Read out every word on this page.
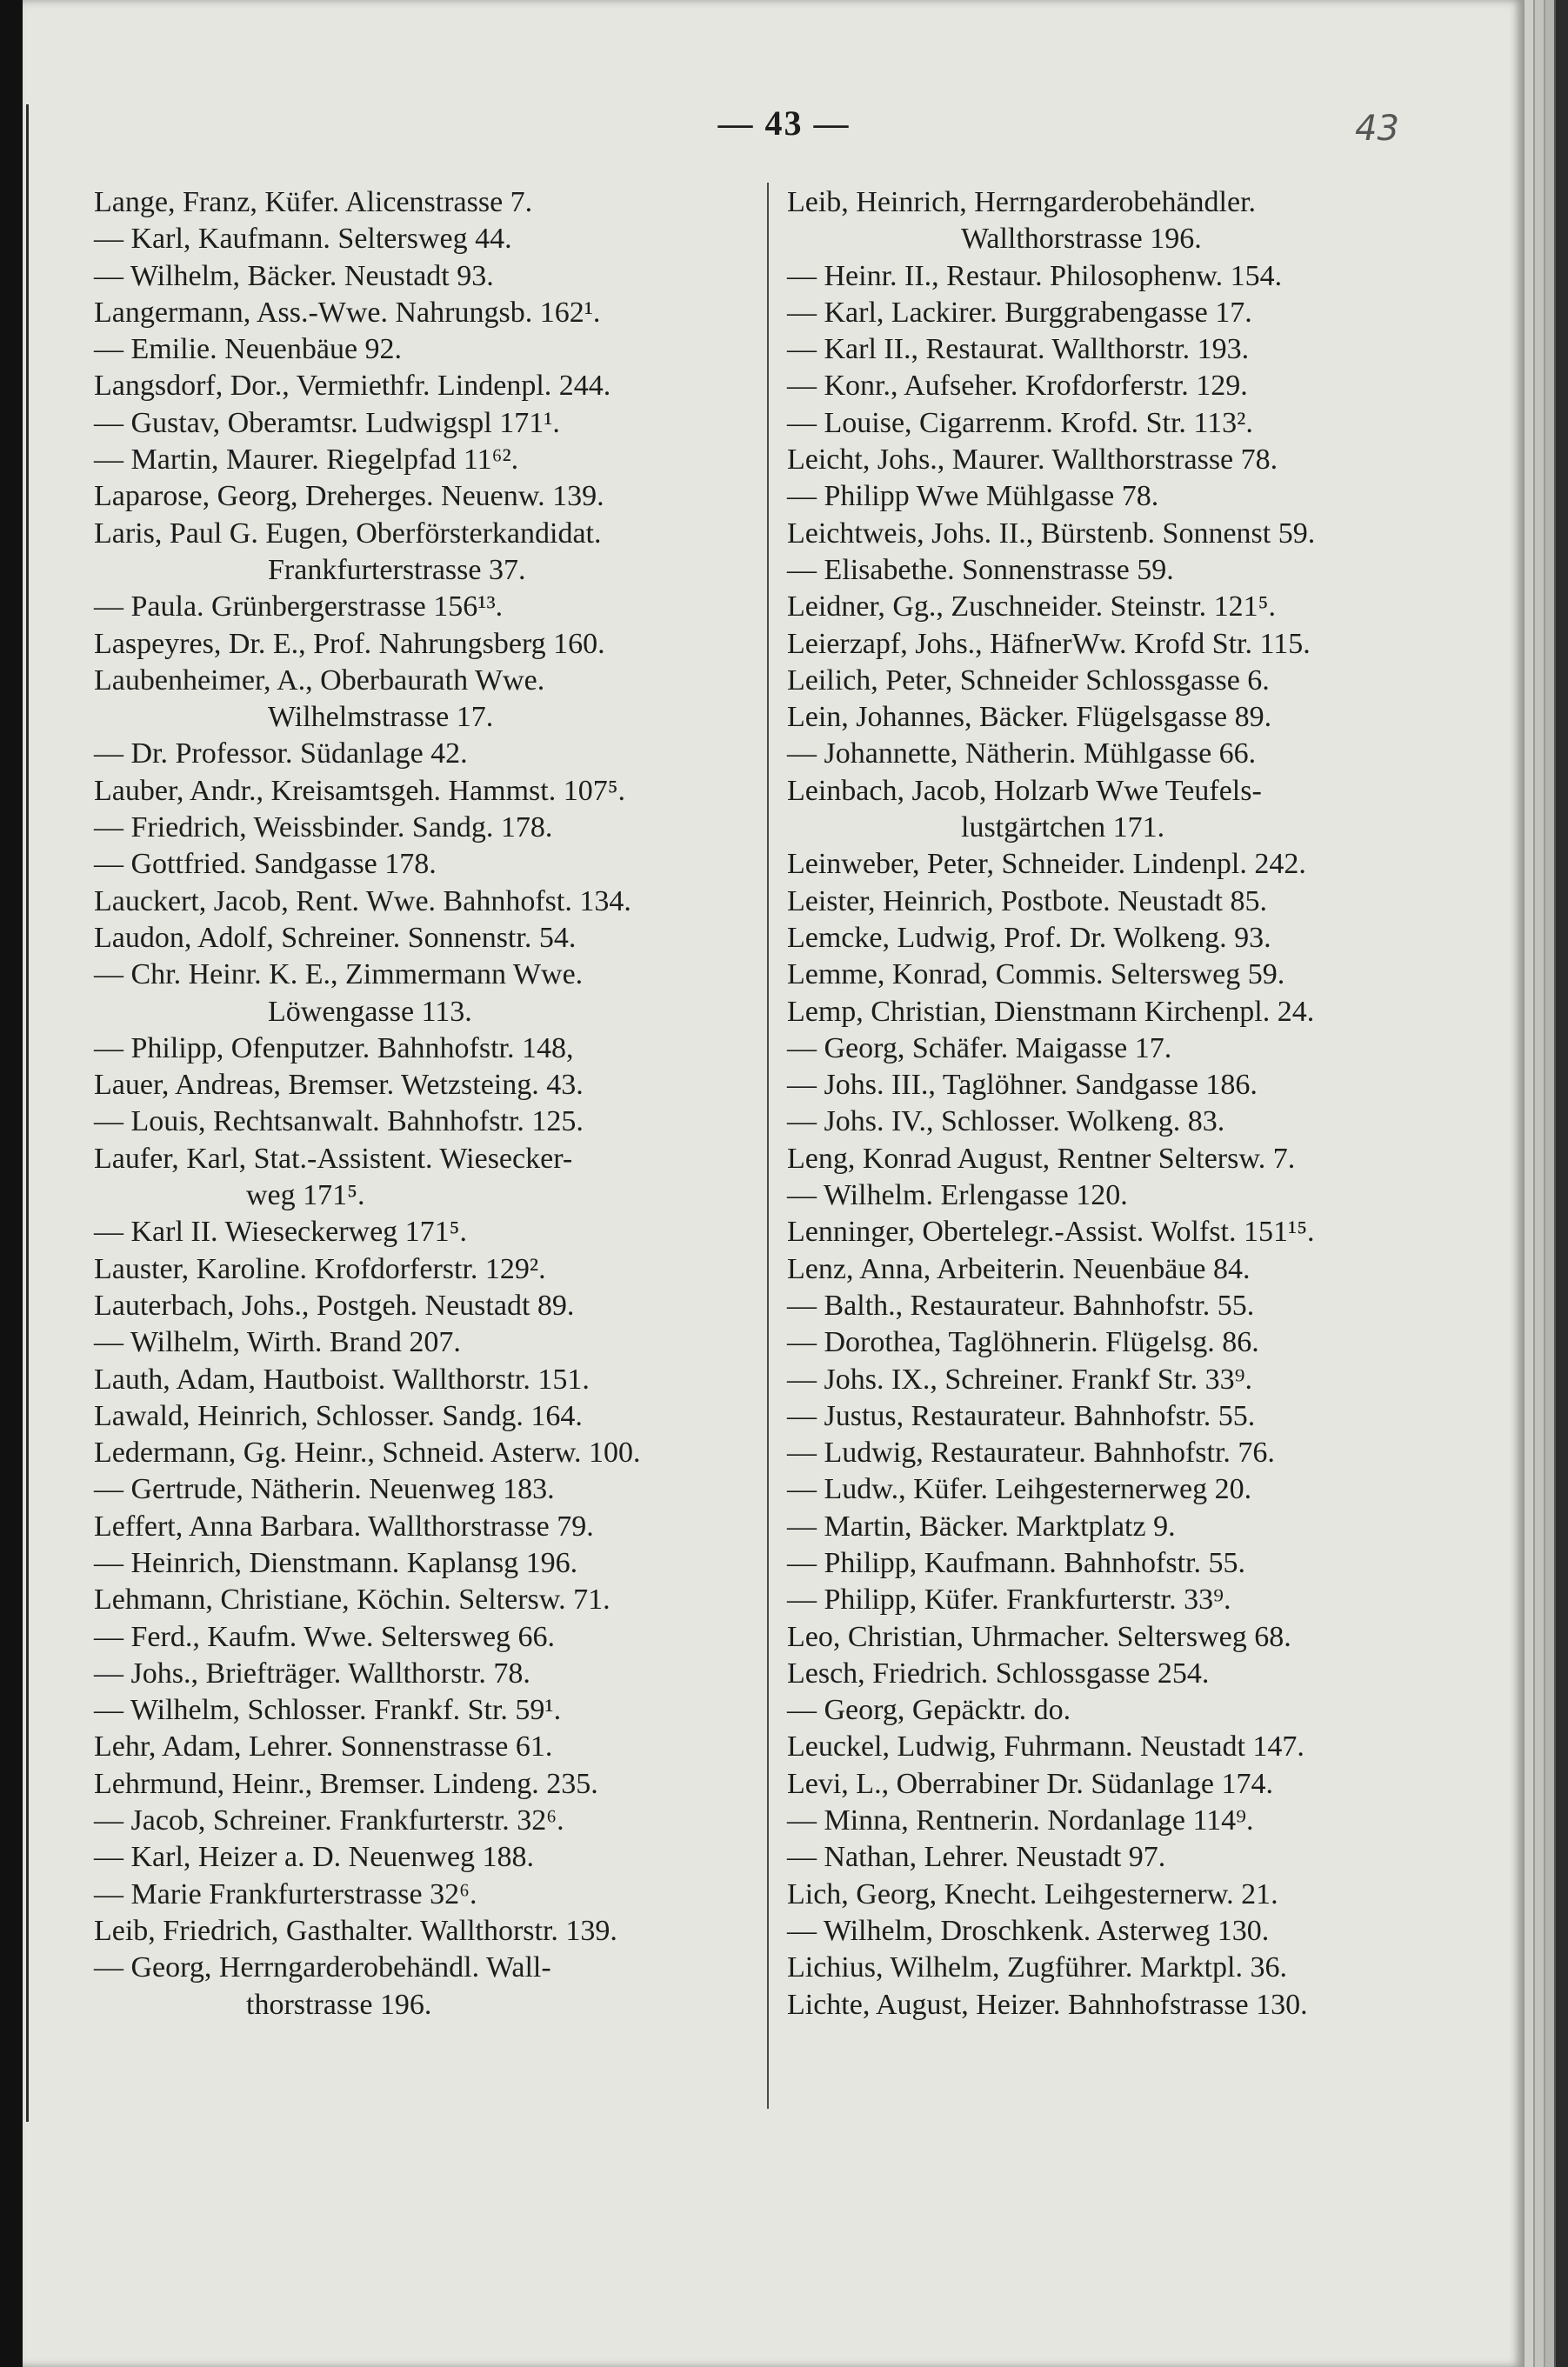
— 43 —	43
Lange, Franz, Küfer. Alicenstrasse 7.
— Karl, Kaufmann. Seltersweg 44.
— Wilhelm, Bäcker. Neustadt 93.
Langermann, Ass.-Wwe. Nahrungsb. 162¹.
— Emilie. Neuenbäue 92.
Langsdorf, Dor., Vermiethfr. Lindenpl. 244.
— Gustav, Oberamtsr. Ludwigspl 171¹.
— Martin, Maurer. Riegelpfad 11⁶².
Laparose, Georg, Dreherges. Neuenw. 139.
Laris, Paul G. Eugen, Oberförsterkandidat.
Frankfurterstrasse 37.
— Paula. Grünbergerstrasse 156¹³.
Laspeyres, Dr. E., Prof. Nahrungsberg 160.
Laubenheimer, A., Oberbaurath Wwe.
Wilhelmstrasse 17.
— Dr. Professor. Südanlage 42.
Lauber, Andr., Kreisamtsgeh. Hammst. 107⁵.
— Friedrich, Weissbinder. Sandg. 178.
— Gottfried. Sandgasse 178.
Lauckert, Jacob, Rent. Wwe. Bahnhofst. 134.
Laudon, Adolf, Schreiner. Sonnenstr. 54.
— Chr. Heinr. K. E., Zimmermann Wwe.
Löwengasse 113.
— Philipp, Ofenputzer. Bahnhofstr. 148,
Lauer, Andreas, Bremser. Wetzsteing. 43.
— Louis, Rechtsanwalt. Bahnhofstr. 125.
Laufer, Karl, Stat.-Assistent. Wiesecker-
weg 171⁵.
— Karl II. Wieseckerweg 171⁵.
Lauster, Karoline. Krofdorferstr. 129².
Lauterbach, Johs., Postgeh. Neustadt 89.
— Wilhelm, Wirth. Brand 207.
Lauth, Adam, Hautboist. Wallthorstr. 151.
Lawald, Heinrich, Schlosser. Sandg. 164.
Ledermann, Gg. Heinr., Schneid. Asterw. 100.
— Gertrude, Nätherin. Neuenweg 183.
Leffert, Anna Barbara. Wallthorstrasse 79.
— Heinrich, Dienstmann. Kaplansg 196.
Lehmann, Christiane, Köchin. Seltersw. 71.
— Ferd., Kaufm. Wwe. Seltersweg 66.
— Johs., Briefträger. Wallthorstr. 78.
— Wilhelm, Schlosser. Frankf. Str. 59¹.
Lehr, Adam, Lehrer. Sonnenstrasse 61.
Lehrmund, Heinr., Bremser. Lindeng. 235.
— Jacob, Schreiner. Frankfurterstr. 32⁶.
— Karl, Heizer a. D. Neuenweg 188.
— Marie Frankfurterstrasse 32⁶.
Leib, Friedrich, Gasthalter. Wallthorstr. 139.
— Georg, Herrngarderobehändl. Wall-
thorstrasse 196.
Leib, Heinrich, Herrngarderobehändler.
Wallthorstrasse 196.
— Heinr. II., Restaur. Philosophenw. 154.
— Karl, Lackirer. Burggrabengasse 17.
— Karl II., Restaurat. Wallthorstr. 193.
— Konr., Aufseher. Krofdorferstr. 129.
— Louise, Cigarrenm. Krofd. Str. 113².
Leicht, Johs., Maurer. Wallthorstrasse 78.
— Philipp Wwe Mühlgasse 78.
Leichtweis, Johs. II., Bürstenb. Sonnenst 59.
— Elisabethe. Sonnenstrasse 59.
Leidner, Gg., Zuschneider. Steinstr. 121⁵.
Leierzapf, Johs., HäfnerWw. Krofd Str. 115.
Leilich, Peter, Schneider Schlossgasse 6.
Lein, Johannes, Bäcker. Flügelsgasse 89.
— Johannette, Nätherin. Mühlgasse 66.
Leinbach, Jacob, Holzarb Wwe Teufels-
lustgärtchen 171.
Leinweber, Peter, Schneider. Lindenpl. 242.
Leister, Heinrich, Postbote. Neustadt 85.
Lemcke, Ludwig, Prof. Dr. Wolkeng. 93.
Lemme, Konrad, Commis. Seltersweg 59.
Lemp, Christian, Dienstmann Kirchenpl. 24.
— Georg, Schäfer. Maigasse 17.
— Johs. III., Taglöhner. Sandgasse 186.
— Johs. IV., Schlosser. Wolkeng. 83.
Leng, Konrad August, Rentner Seltersw. 7.
— Wilhelm. Erlengasse 120.
Lenninger, Obertelegr.-Assist. Wolfst. 151¹⁵.
Lenz, Anna, Arbeiterin. Neuenbäue 84.
— Balth., Restaurateur. Bahnhofstr. 55.
— Dorothea, Taglöhnerin. Flügelsg. 86.
— Johs. IX., Schreiner. Frankf Str. 33⁹.
— Justus, Restaurateur. Bahnhofstr. 55.
— Ludwig, Restaurateur. Bahnhofstr. 76.
— Ludw., Küfer. Leihgesternerweg 20.
— Martin, Bäcker. Marktplatz 9.
— Philipp, Kaufmann. Bahnhofstr. 55.
— Philipp, Küfer. Frankfurterstr. 33⁹.
Leo, Christian, Uhrmacher. Seltersweg 68.
Lesch, Friedrich. Schlossgasse 254.
— Georg, Gepäcktr. do.
Leuckel, Ludwig, Fuhrmann. Neustadt 147.
Levi, L., Oberrabiner Dr. Südanlage 174.
— Minna, Rentnerin. Nordanlage 114⁹.
— Nathan, Lehrer. Neustadt 97.
Lich, Georg, Knecht. Leihgesternerw. 21.
— Wilhelm, Droschkenk. Asterweg 130.
Lichius, Wilhelm, Zugführer. Marktpl. 36.
Lichte, August, Heizer. Bahnhofstrasse 130.
